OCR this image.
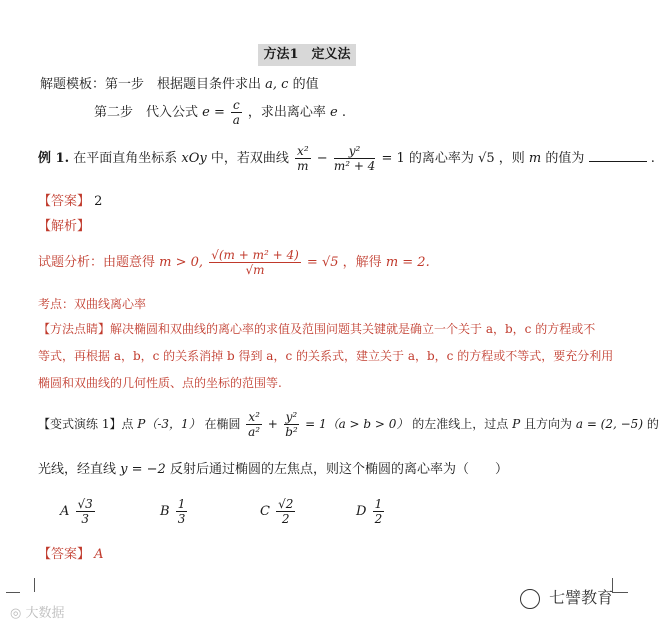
方法1　定义法
解题模板：第一步　根据题目条件求出 a, c 的值
第二步　代入公式 $e = \frac{c}{a}$ ，求出离心率 e .
例 1. 在平面直角坐标系 xOy 中，若双曲线 $\frac{\text{x²}}{m} - \frac{\text{y²}}{\text{m² + 4}} = 1$ 的离心率为 √5 ，则 m 的值为	.
【答案】 2
【解析】
试题分析：由题意得 m > 0, $\frac{\text{√(m + m² + 4)}}{√m} = √5$ ，解得 m = 2.
考点：双曲线离心率
【方法点睛】解决椭圆和双曲线的离心率的求值及范围问题其关键就是确立一个关于 a，b，c 的方程或不
等式，再根据 a，b，c 的关系消掉 b 得到 a，c 的关系式，建立关于 a，b，c 的方程或不等式，要充分利用
椭圆和双曲线的几何性质、点的坐标的范围等.
【变式演练 1】点 P（-3，1） 在椭圆 $\frac{\text{x²}}{\text{a²}} + \frac{\text{y²}}{\text{b²}} = 1(a > b > 0)$ 的左准线上，过点 P 且方向为 a = (2, −5) 的
光线，经直线 y = −2 反射后通过椭圆的左焦点，则这个椭圆的离心率为（　　）
A $\frac{√3}{3}$	B $\frac{1}{3}$	C $\frac{√2}{2}$	D $\frac{1}{2}$
【答案】 A
◎ 大数据
七譬教育
